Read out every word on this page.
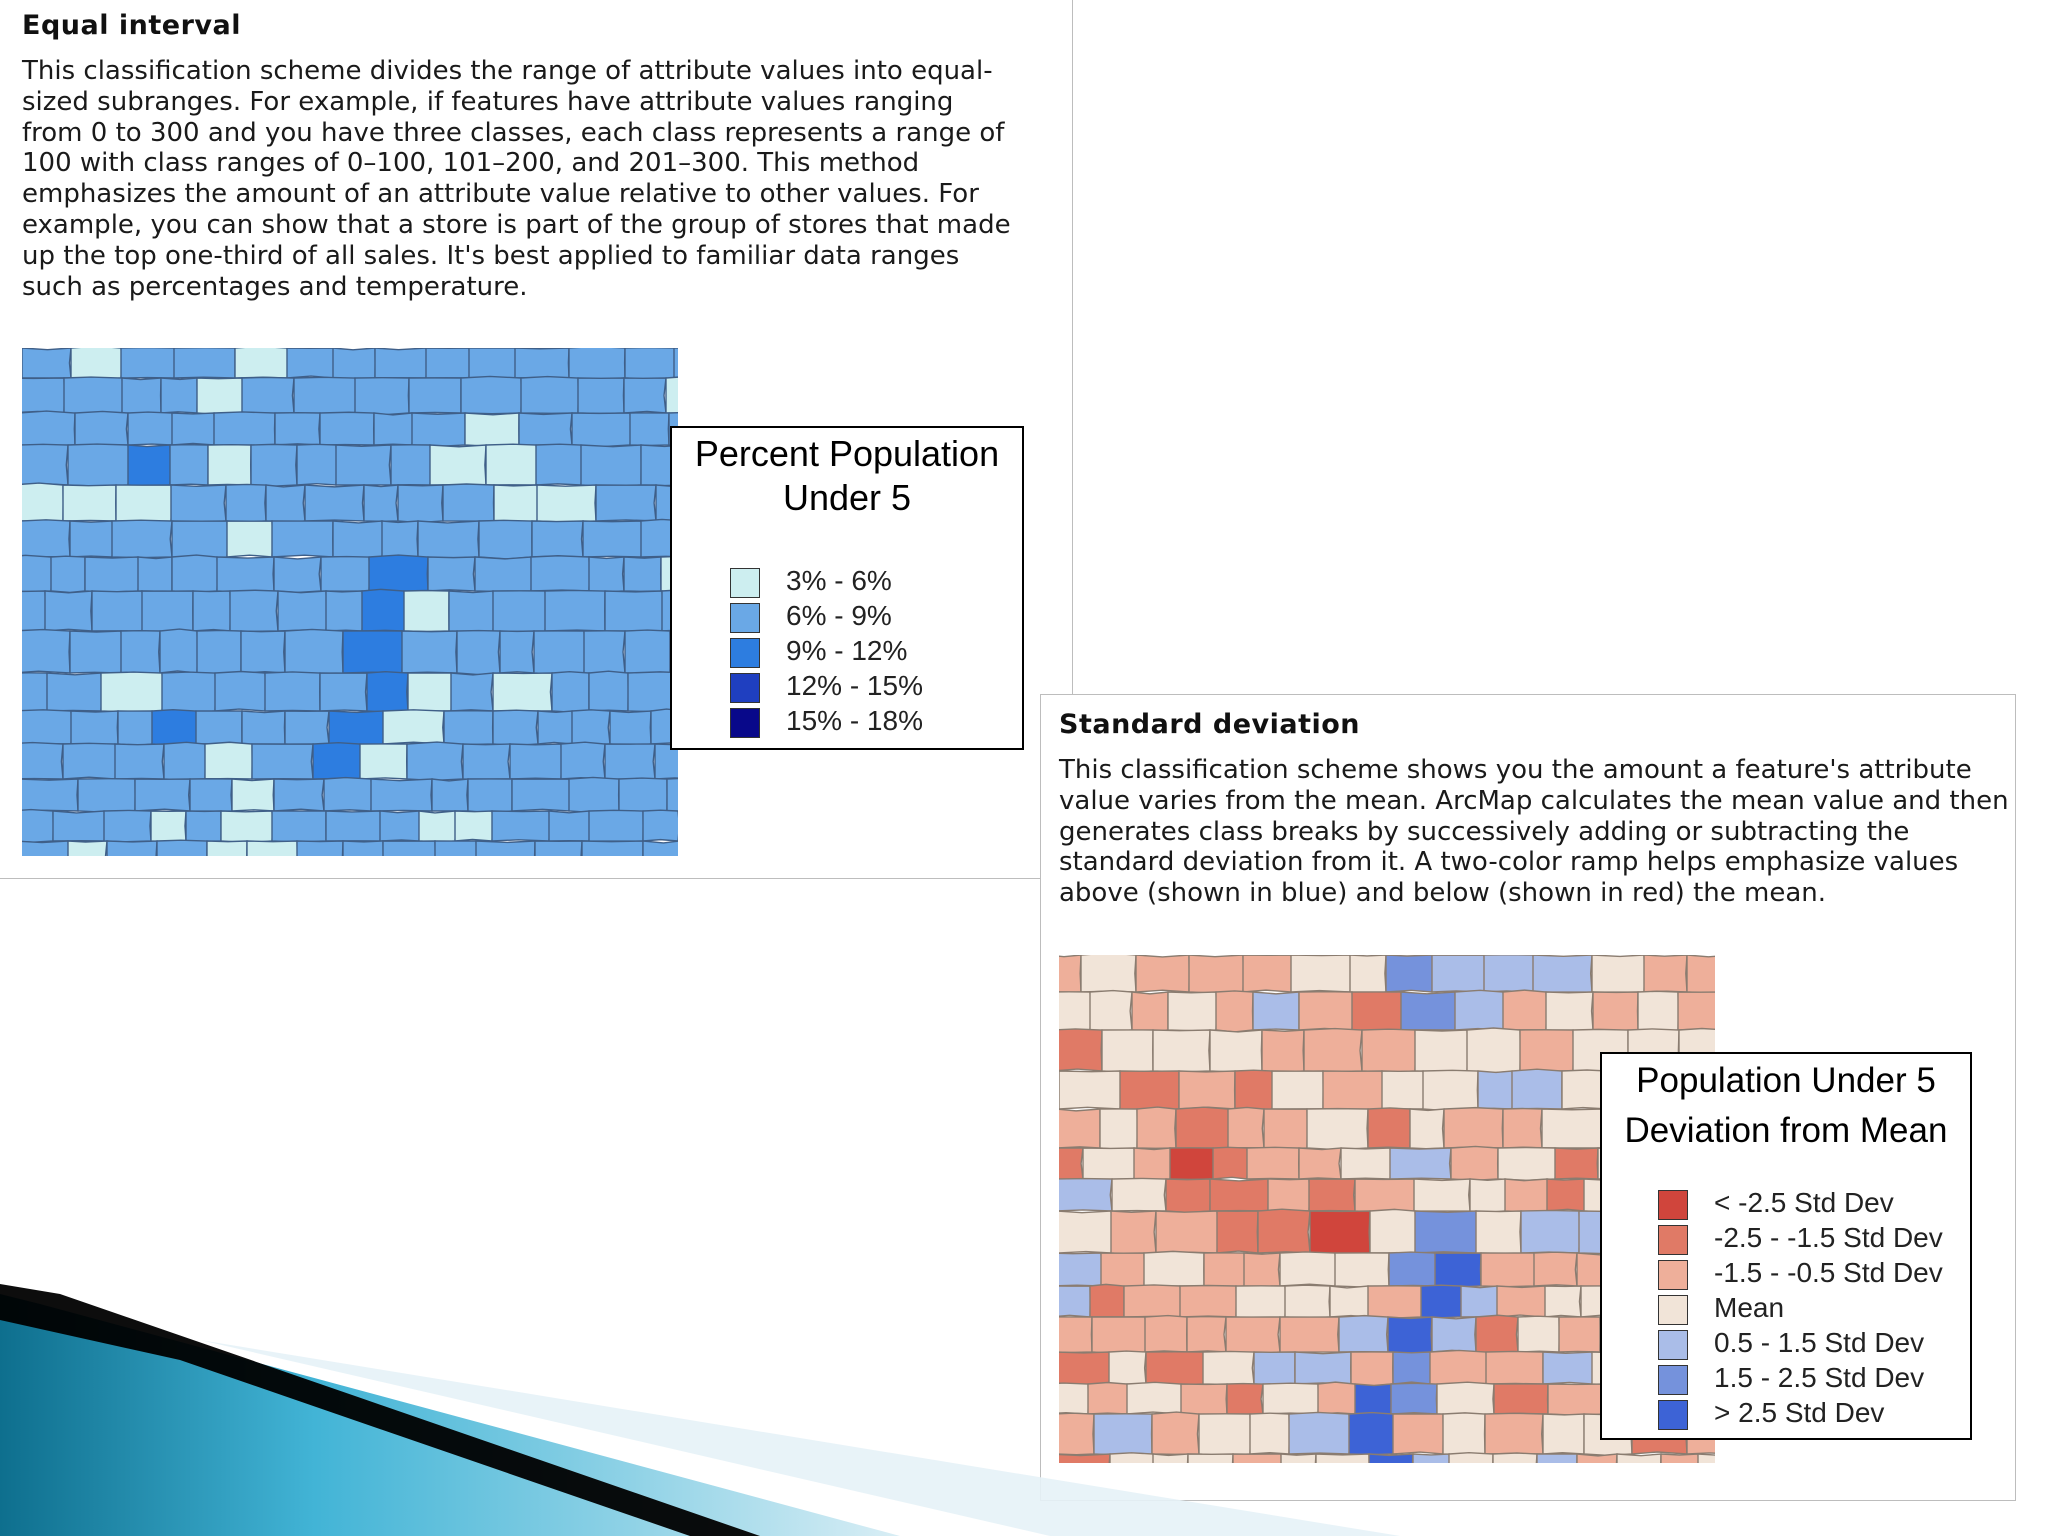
Equal interval
This classification scheme divides the range of attribute values into equal-sized subranges. For example, if features have attribute values ranging from 0 to 300 and you have three classes, each class represents a range of 100 with class ranges of 0–100, 101–200, and 201–300. This method emphasizes the amount of an attribute value relative to other values. For example, you can show that a store is part of the group of stores that made up the top one-third of all sales. It's best applied to familiar data ranges such as percentages and temperature.
Percent Population
Under 5
3% - 6%
6% - 9%
9% - 12%
12% - 15%
15% - 18%	Standard deviation
This classification scheme shows you the amount a feature's attribute value varies from the mean. ArcMap calculates the mean value and then generates class breaks by successively adding or subtracting the standard deviation from it. A two-color ramp helps emphasize values above (shown in blue) and below (shown in red) the mean.
Population Under 5
Deviation from Mean
< -2.5 Std Dev
-2.5 - -1.5 Std Dev
-1.5 - -0.5 Std Dev
Mean
0.5 - 1.5 Std Dev
1.5 - 2.5 Std Dev
> 2.5 Std Dev
